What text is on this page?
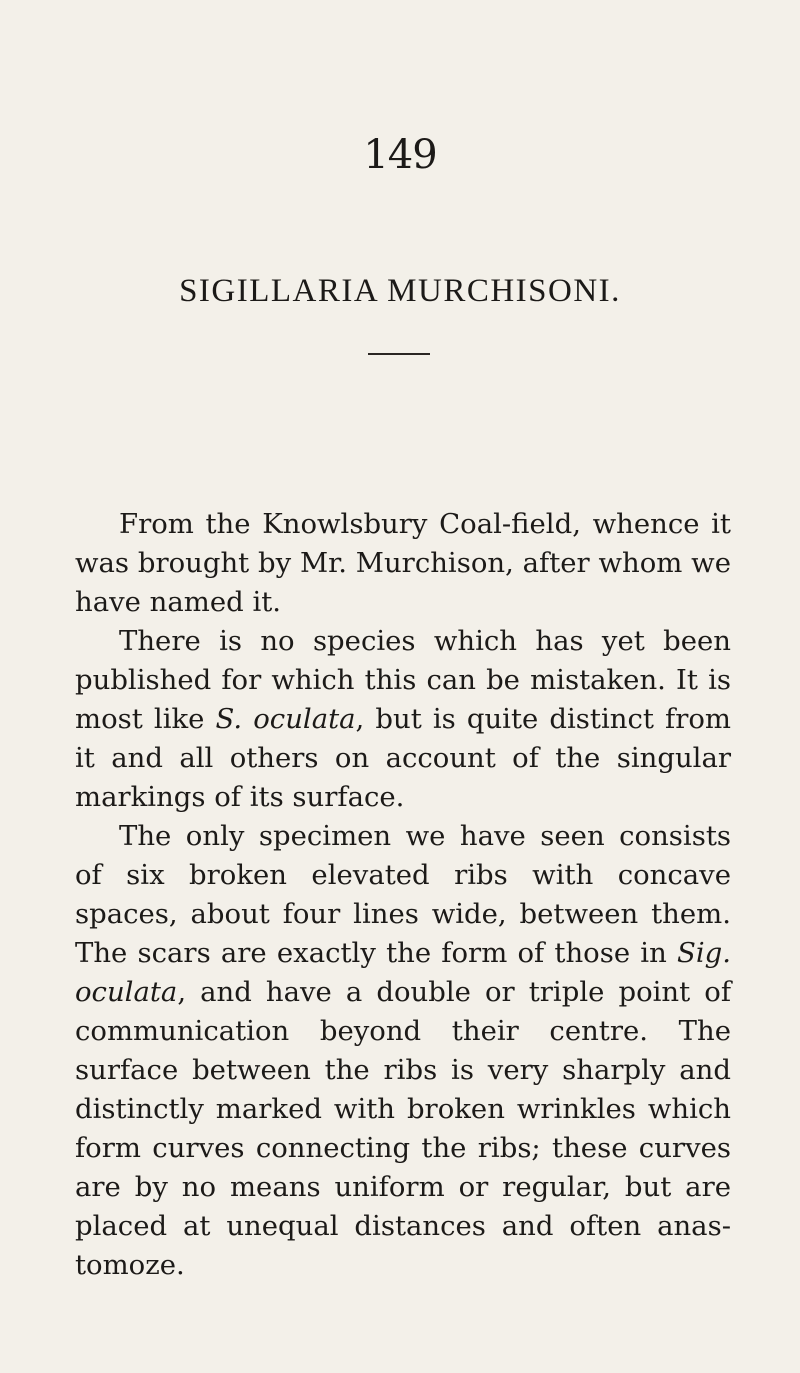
149
SIGILLARIA MURCHISONI.

From the Knowlsbury Coal-field, whence it was brought by Mr. Murchison, after whom we have named it.

There is no species which has yet been published for which this can be mistaken. It is most like S. oculata, but is quite distinct from it and all others on account of the singular markings of its surface.

The only specimen we have seen consists of six broken elevated ribs with concave spaces, about four lines wide, between them. The scars are exactly the form of those in Sig. oculata, and have a double or triple point of communication beyond their centre. The surface between the ribs is very sharply and distinctly marked with broken wrinkles which form curves connecting the ribs; these curves are by no means uniform or regular, but are placed at unequal distances and often anas-tomoze.
